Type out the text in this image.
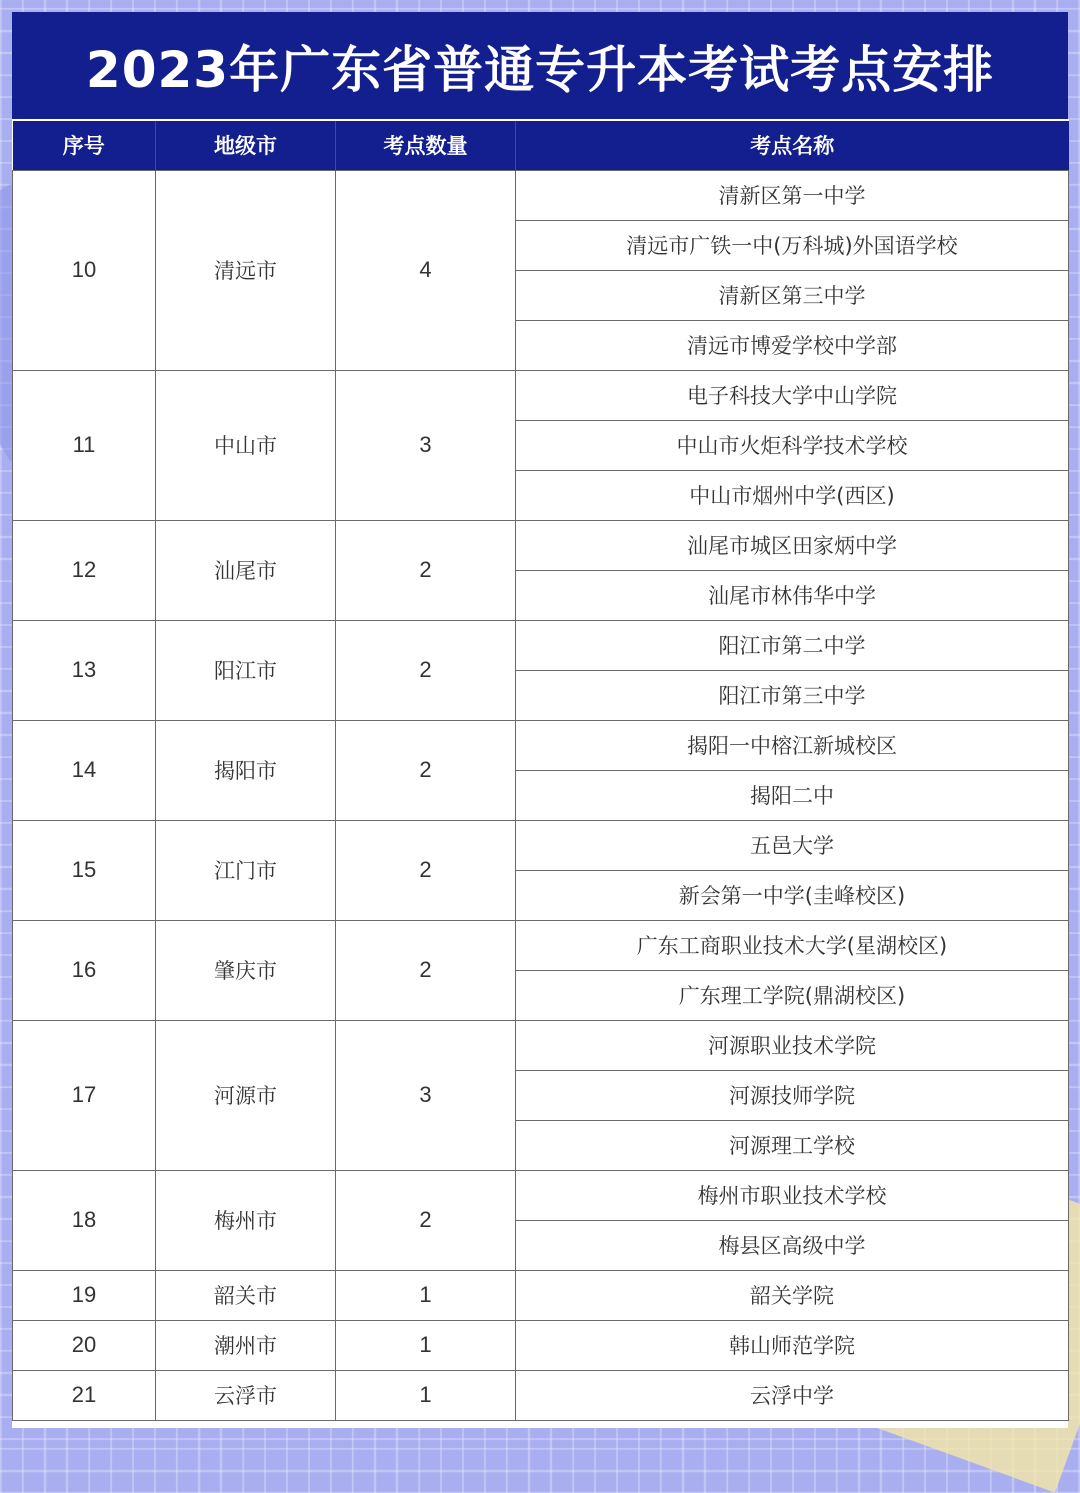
2023年广东省普通专升本考试考点安排
序号	地级市	考点数量	考点名称
10	清远市	4	清新区第一中学
			清远市广铁一中(万科城)外国语学校
			清新区第三中学
			清远市博爱学校中学部
11	中山市	3	电子科技大学中山学院
			中山市火炬科学技术学校
			中山市烟州中学(西区)
12	汕尾市	2	汕尾市城区田家炳中学
			汕尾市林伟华中学
13	阳江市	2	阳江市第二中学
			阳江市第三中学
14	揭阳市	2	揭阳一中榕江新城校区
			揭阳二中
15	江门市	2	五邑大学
			新会第一中学(圭峰校区)
16	肇庆市	2	广东工商职业技术大学(星湖校区)
			广东理工学院(鼎湖校区)
17	河源市	3	河源职业技术学院
			河源技师学院
			河源理工学校
18	梅州市	2	梅州市职业技术学校
			梅县区高级中学
19	韶关市	1	韶关学院
20	潮州市	1	韩山师范学院
21	云浮市	1	云浮中学
